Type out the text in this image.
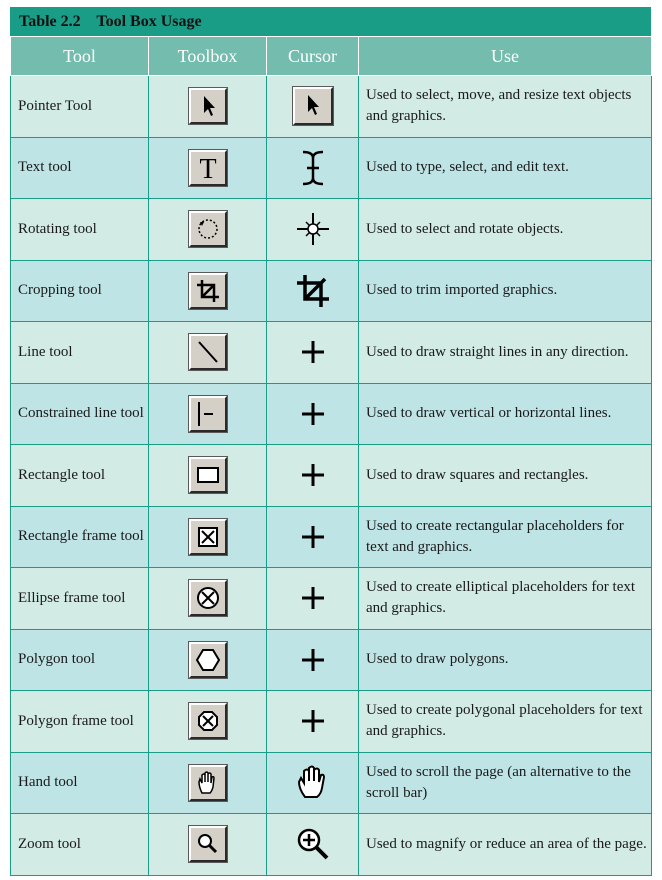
Table 2.2 Tool Box Usage
Tool	Toolbox	Cursor	Use
Pointer Tool			Used to select, move, and resize text objects and graphics.
Text tool	T		Used to type, select, and edit text.
Rotating tool			Used to select and rotate objects.
Cropping tool			Used to trim imported graphics.
Line tool			Used to draw straight lines in any direction.
Constrained line tool			Used to draw vertical or horizontal lines.
Rectangle tool			Used to draw squares and rectangles.
Rectangle frame tool			Used to create rectangular placeholders for text and graphics.
Ellipse frame tool			Used to create elliptical placeholders for text and graphics.
Polygon tool			Used to draw polygons.
Polygon frame tool			Used to create polygonal placeholders for text and graphics.
Hand tool			Used to scroll the page (an alternative to the scroll bar)
Zoom tool			Used to magnify or reduce an area of the page.
